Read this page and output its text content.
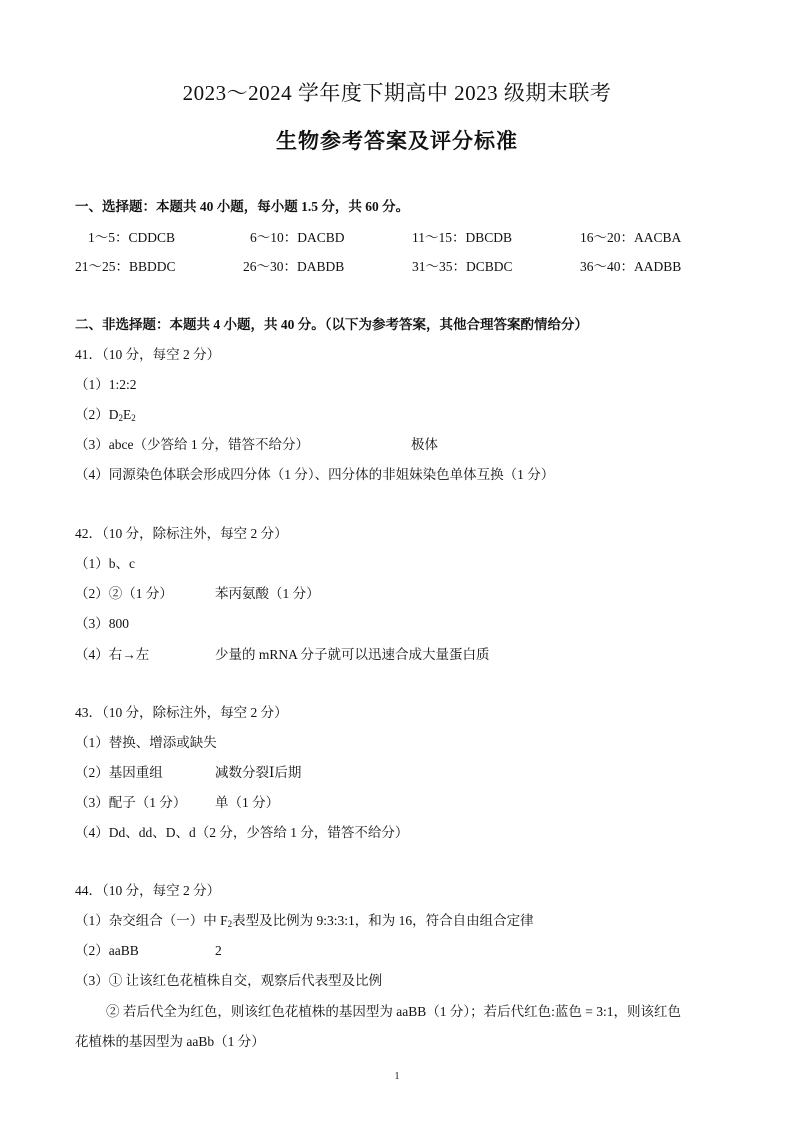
2023～2024 学年度下期高中 2023 级期末联考
生物参考答案及评分标准
一、选择题：本题共 40 小题，每小题 1.5 分，共 60 分。
1～5：CDDCB	6～10：DACBD	11～15：DBCDB	16～20：AACBA
21～25：BBDDC	26～30：DABDB	31～35：DCBDC	36～40：AADBB
二、非选择题：本题共 4 小题，共 40 分。（以下为参考答案，其他合理答案酌情给分）
41．（10 分，每空 2 分）
（1）1:2:2
$(2)D_2E_2$
（3）abce（少答给 1 分，错答不给分）	极体
（4）同源染色体联会形成四分体（1 分）、四分体的非姐妹染色单体互换（1 分）
42．（10 分，除标注外，每空 2 分）
（1）b、c
（2）②（1 分）	苯丙氨酸（1 分）
（3）800
（4）右→左	少量的 mRNA 分子就可以迅速合成大量蛋白质
43．（10 分，除标注外，每空 2 分）
（1）替换、增添或缺失
（2）基因重组	减数分裂Ⅰ后期
（3）配子（1 分） 单（1 分）
（4）Dd、dd、D、d（2 分，少答给 1 分，错答不给分）
44．（10 分，每空 2 分）
（1）杂交组合（一）中 $F_2$表型及比例为 9:3:3:1，和为 16，符合自由组合定律
（2）aaBB	2
（3）① 让该红色花植株自交，观察后代表型及比例
② 若后代全为红色，则该红色花植株的基因型为 aaBB（1 分）；若后代红色:蓝色 = 3:1，则该红色
花植株的基因型为 aaBb（1 分）
1
